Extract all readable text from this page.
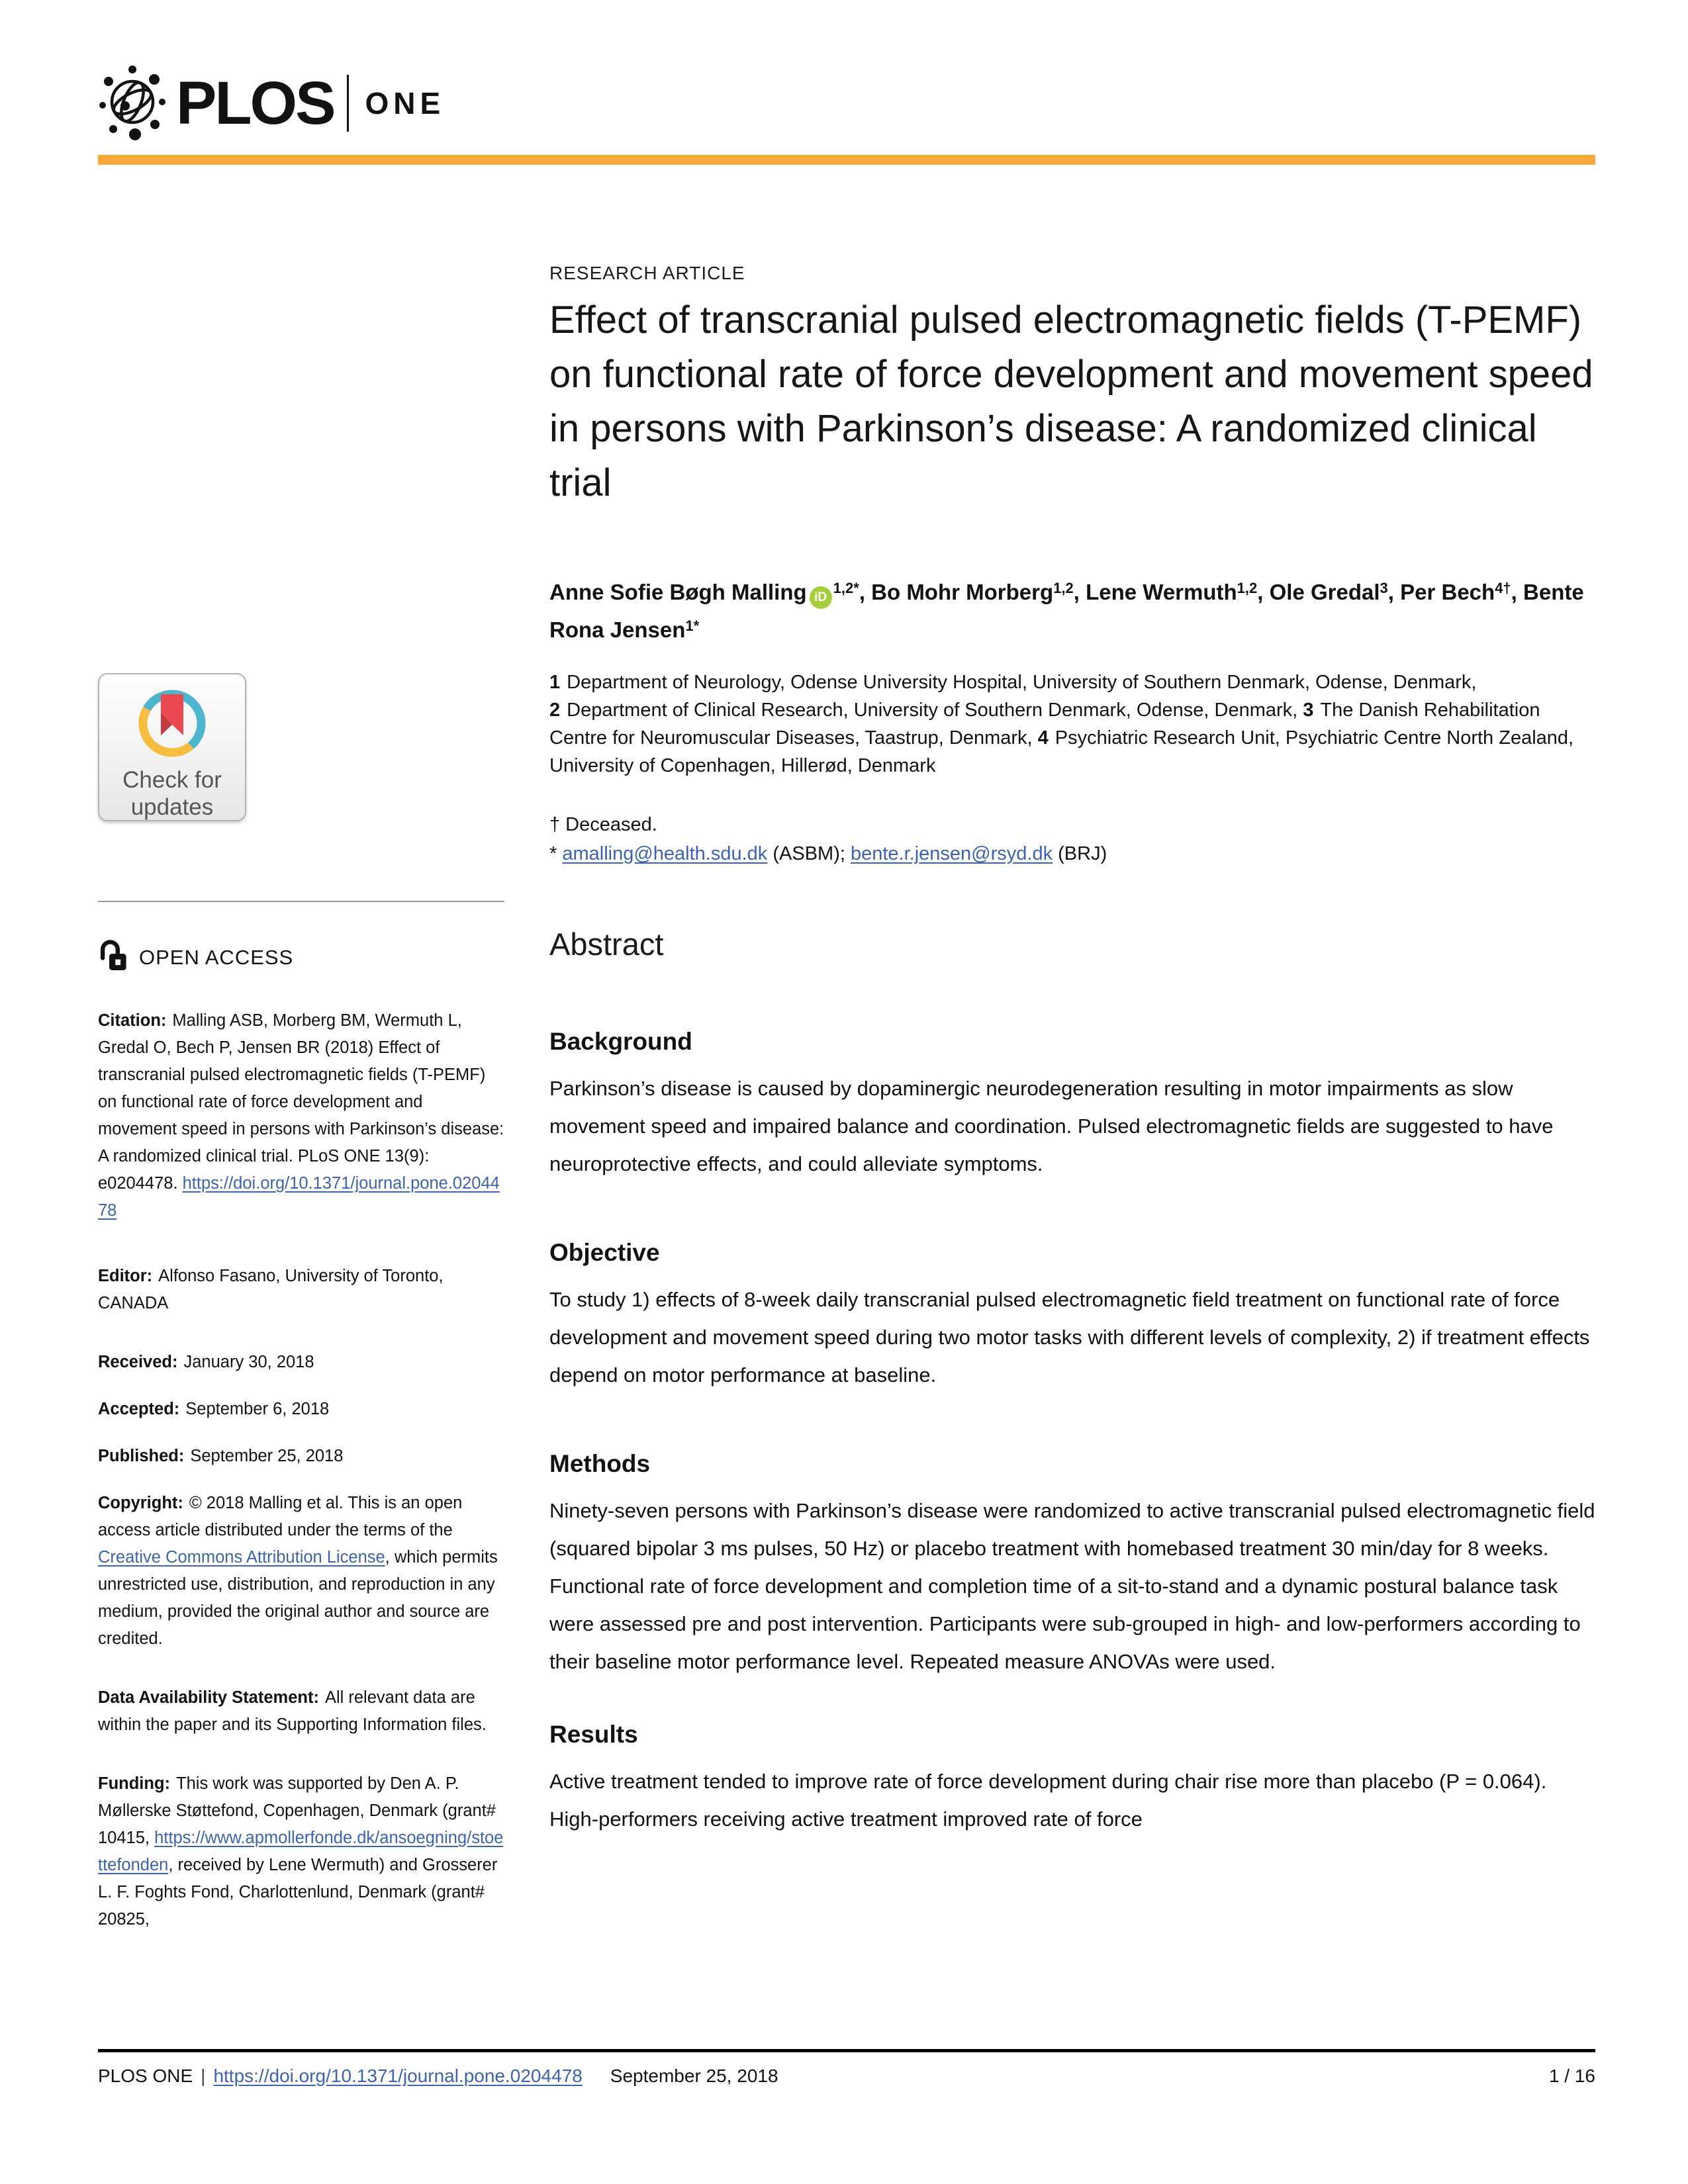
PLOS ONE
Check for
updates
OPEN ACCESS

Citation: Malling ASB, Morberg BM, Wermuth L, Gredal O, Bech P, Jensen BR (2018) Effect of transcranial pulsed electromagnetic fields (T-PEMF) on functional rate of force development and movement speed in persons with Parkinson’s disease: A randomized clinical trial. PLoS ONE 13(9): e0204478. https://doi.org/10.1371/journal.pone.0204478

Editor: Alfonso Fasano, University of Toronto, CANADA

Received: January 30, 2018

Accepted: September 6, 2018

Published: September 25, 2018

Copyright: © 2018 Malling et al. This is an open access article distributed under the terms of the Creative Commons Attribution License, which permits unrestricted use, distribution, and reproduction in any medium, provided the original author and source are credited.

Data Availability Statement: All relevant data are within the paper and its Supporting Information files.

Funding: This work was supported by Den A. P. Møllerske Støttefond, Copenhagen, Denmark (grant# 10415, https://www.apmollerfonde.dk/ansoegning/stoettefonden, received by Lene Wermuth) and Grosserer L. F. Foghts Fond, Charlottenlund, Denmark (grant# 20825,

RESEARCH ARTICLE
Effect of transcranial pulsed electromagnetic fields (T-PEMF) on functional rate of force development and movement speed in persons with Parkinson’s disease: A randomized clinical trial

Anne Sofie Bøgh Malling $iD^{1,2*}$, Bo Mohr Morberg$^{1,2}$, Lene Wermuth$^{1,2}$, Ole Gredal$^3$, Per Bech$^{4\dagger}$, Bente Rona Jensen$^{1*}$

1 Department of Neurology, Odense University Hospital, University of Southern Denmark, Odense, Denmark, 2 Department of Clinical Research, University of Southern Denmark, Odense, Denmark, 3 The Danish Rehabilitation Centre for Neuromuscular Diseases, Taastrup, Denmark, 4 Psychiatric Research Unit, Psychiatric Centre North Zealand, University of Copenhagen, Hillerød, Denmark

† Deceased.

* amalling@health.sdu.dk (ASBM); bente.r.jensen@rsyd.dk (BRJ)

Abstract
Background

Parkinson’s disease is caused by dopaminergic neurodegeneration resulting in motor impairments as slow movement speed and impaired balance and coordination. Pulsed electromagnetic fields are suggested to have neuroprotective effects, and could alleviate symptoms.

Objective

To study 1) effects of 8-week daily transcranial pulsed electromagnetic field treatment on functional rate of force development and movement speed during two motor tasks with different levels of complexity, 2) if treatment effects depend on motor performance at baseline.

Methods

Ninety-seven persons with Parkinson’s disease were randomized to active transcranial pulsed electromagnetic field (squared bipolar 3 ms pulses, 50 Hz) or placebo treatment with homebased treatment 30 min/day for 8 weeks. Functional rate of force development and completion time of a sit-to-stand and a dynamic postural balance task were assessed pre and post intervention. Participants were sub-grouped in high- and low-performers according to their baseline motor performance level. Repeated measure ANOVAs were used.

Results

Active treatment tended to improve rate of force development during chair rise more than placebo (P = 0.064). High-performers receiving active treatment improved rate of force

PLOS ONE | https://doi.org/10.1371/journal.pone.0204478 September 25, 2018	1 / 16
